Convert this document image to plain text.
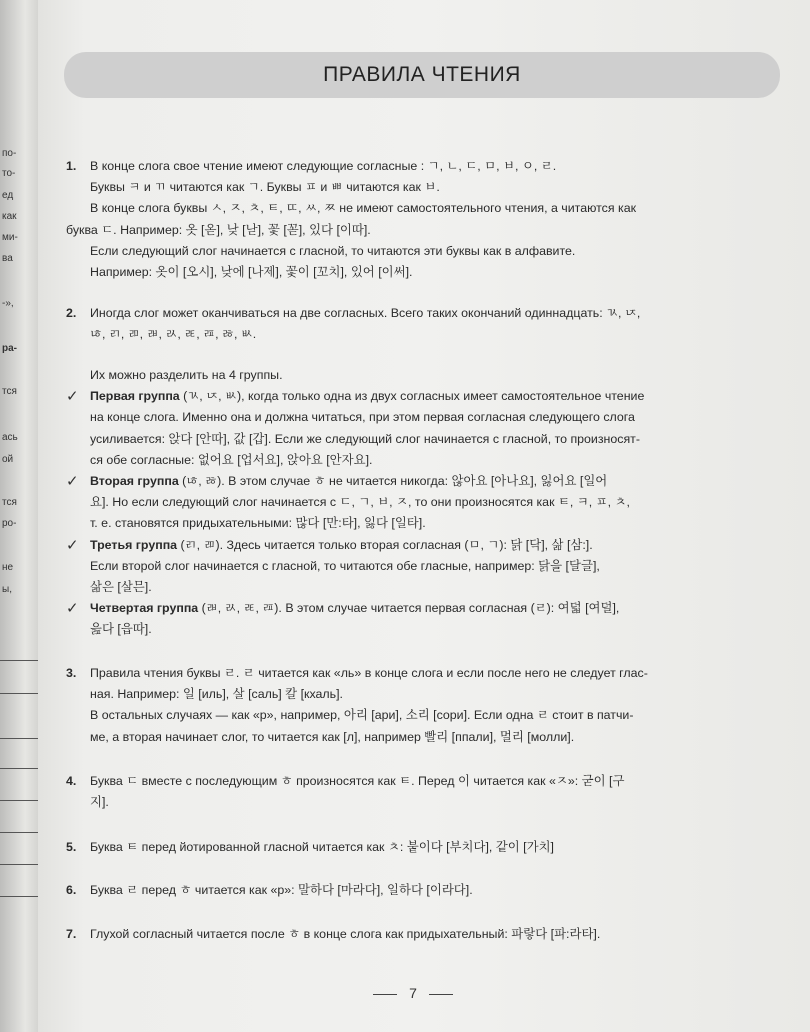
по-
то-
ед
как
ми-
ва
-»,
ра-
тся
ась
ой
тся
ро-
не
ы,
ПРАВИЛА ЧТЕНИЯ
1. В конце слога свое чтение имеют следующие согласные : ㄱ, ㄴ, ㄷ, ㅁ, ㅂ, ㅇ, ㄹ.
Буквы ㅋ и ㄲ читаются как ㄱ. Буквы ㅍ и ㅃ читаются как ㅂ.
В конце слога буквы ㅅ, ㅈ, ㅊ, ㅌ, ㄸ, ㅆ, ㅉ не имеют самостоятельного чтения, а читаются как
буква ㄷ. Например: 옷 [옫], 낮 [낟], 꽃 [꼳], 있다 [이따].
Если следующий слог начинается с гласной, то читаются эти буквы как в алфавите.
Например: 옷이 [오시], 낮에 [나제], 꽃이 [꼬치], 있어 [이써].
2. Иногда слог может оканчиваться на две согласных. Всего таких окончаний одиннадцать: ㄳ, ㄵ,
ㄶ, ㄺ, ㄻ, ㄼ, ㄽ, ㄾ, ㄿ, ㅀ, ㅄ.
Их можно разделить на 4 группы.
✓ Первая группа (ㄳ, ㄵ, ㅄ), когда только одна из двух согласных имеет самостоятельное чтение
на конце слога. Именно она и должна читаться, при этом первая согласная следующего слога
усиливается: 앉다 [안따], 값 [갑]. Если же следующий слог начинается с гласной, то произносят-
ся обе согласные: 없어요 [업서요], 앉아요 [안자요].
✓ Вторая группа (ㄶ, ㅀ). В этом случае ㅎ не читается никогда: 않아요 [아나요], 잃어요 [일어
요]. Но если следующий слог начинается с ㄷ, ㄱ, ㅂ, ㅈ, то они произносятся как ㅌ, ㅋ, ㅍ, ㅊ,
т. е. становятся придыхательными: 많다 [만:타], 잃다 [일타].
✓ Третья группа (ㄺ, ㄻ). Здесь читается только вторая согласная (ㅁ, ㄱ): 닭 [닥], 삶 [삼:].
Если второй слог начинается с гласной, то читаются обе гласные, например: 닭을 [달글],
삶은 [살믄].
✓ Четвертая группа (ㄼ, ㄽ, ㄾ, ㄿ). В этом случае читается первая согласная (ㄹ): 여덟 [여덜],
읊다 [읍따].
3. Правила чтения буквы ㄹ. ㄹ читается как «ль» в конце слога и если после него не следует глас-
ная. Например: 일 [иль], 살 [саль] 칼 [кхаль].
В остальных случаях — как «р», например, 아리 [ари], 소리 [сори]. Если одна ㄹ стоит в патчи-
ме, а вторая начинает слог, то читается как [л], например 빨리 [ппали], 멀리 [молли].
4. Буква ㄷ вместе с последующим ㅎ произносятся как ㅌ. Перед 이 читается как «ㅈ»: 굳이 [구
지].
5. Буква ㅌ перед йотированной гласной читается как ㅊ: 붙이다 [부치다], 같이 [가치]
6. Буква ㄹ перед ㅎ читается как «р»: 말하다 [마라다], 일하다 [이라다].
7. Глухой согласный читается после ㅎ в конце слога как придыхательный: 파랗다 [파:라타].
7
